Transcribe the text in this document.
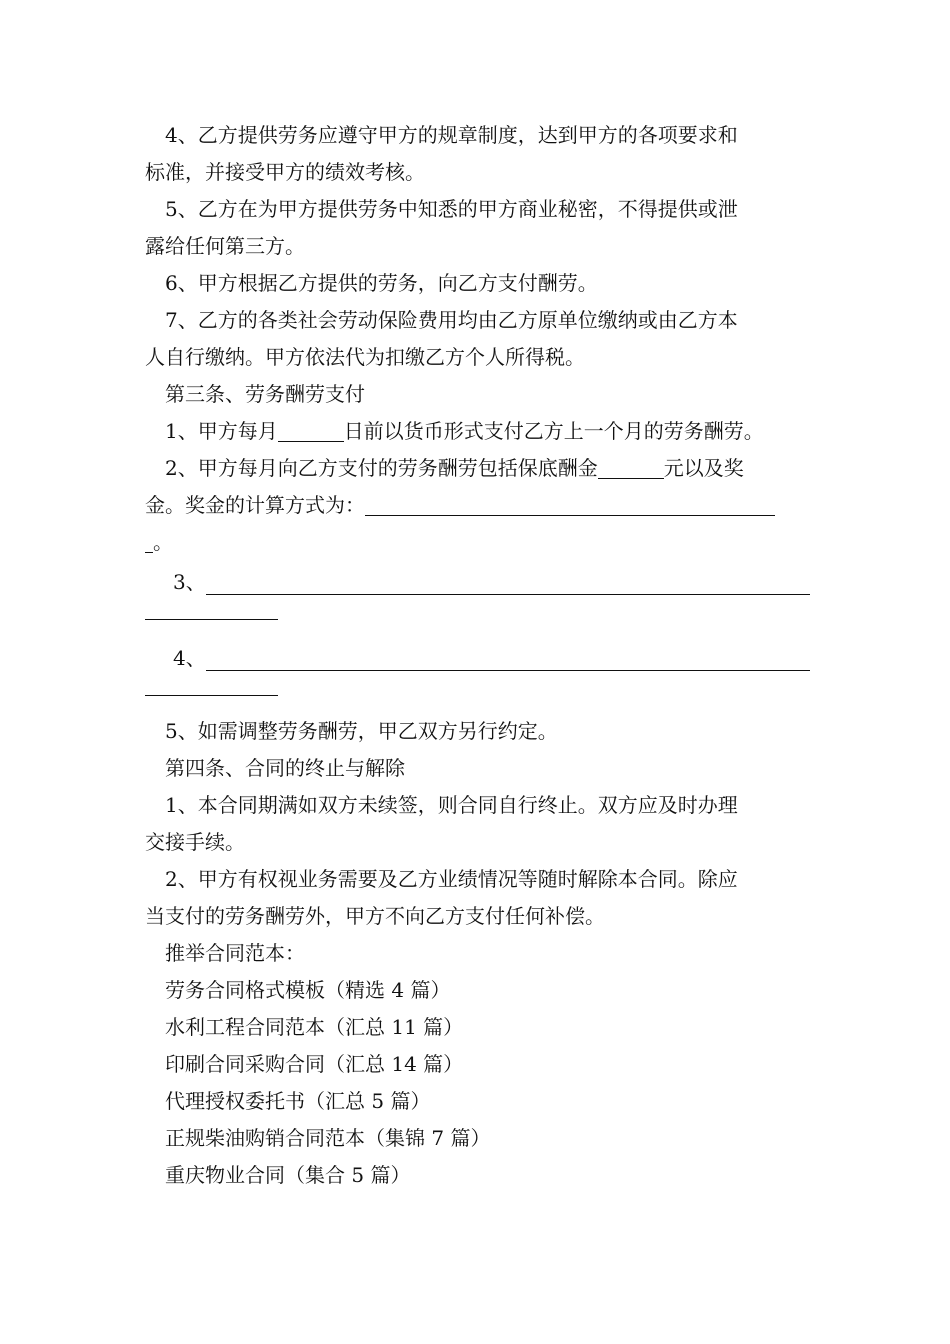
4、乙方提供劳务应遵守甲方的规章制度，达到甲方的各项要求和

标准，并接受甲方的绩效考核。

5、乙方在为甲方提供劳务中知悉的甲方商业秘密，不得提供或泄

露给任何第三方。

6、甲方根据乙方提供的劳务，向乙方支付酬劳。

7、乙方的各类社会劳动保险费用均由乙方原单位缴纳或由乙方本

人自行缴纳。甲方依法代为扣缴乙方个人所得税。

第三条、劳务酬劳支付

1、甲方每月	日前以货币形式支付乙方上一个月的劳务酬劳。

2、甲方每月向乙方支付的劳务酬劳包括保底酬金	元以及奖

金。奖金的计算方式为：

。

3、
4、

5、如需调整劳务酬劳，甲乙双方另行约定。

第四条、合同的终止与解除

1、本合同期满如双方未续签，则合同自行终止。双方应及时办理

交接手续。

2、甲方有权视业务需要及乙方业绩情况等随时解除本合同。除应

当支付的劳务酬劳外，甲方不向乙方支付任何补偿。

推举合同范本：

劳务合同格式模板（精选 4 篇）

水利工程合同范本（汇总 11 篇）

印刷合同采购合同（汇总 14 篇）

代理授权委托书（汇总 5 篇）

正规柴油购销合同范本（集锦 7 篇）

重庆物业合同（集合 5 篇）
